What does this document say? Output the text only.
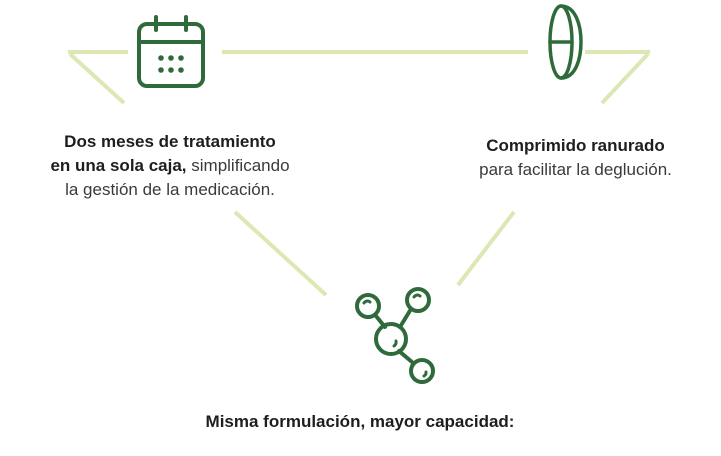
Dos meses de tratamiento
en una sola caja, simplificando
la gestión de la medicación.
Comprimido ranurado
para facilitar la deglución.
Misma formulación, mayor capacidad:
